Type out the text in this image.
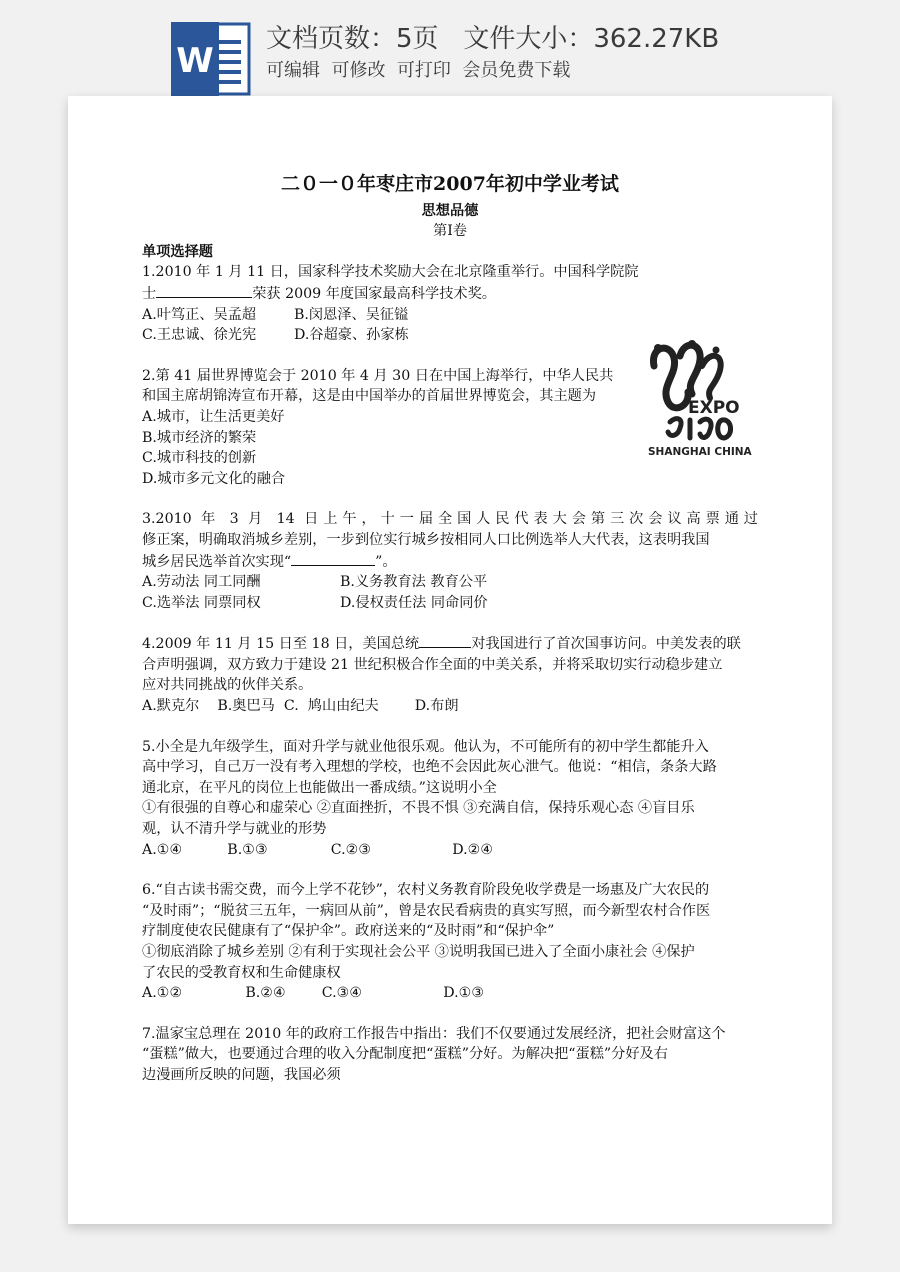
W
文档页数：5页   文件大小：362.27KB
可编辑  可修改  可打印  会员免费下载
二０一０年枣庄市2007年初中学业考试
思想品德
第Ⅰ卷
单项选择题
1.2010 年 1 月 11 日，国家科学技术奖励大会在北京隆重举行。中国科学院院
士	荣获 2009 年度国家最高科学技术奖。
A.叶笃正、吴孟超	B.闵恩泽、吴征镒
C.王忠诚、徐光宪	D.谷超豪、孙家栋
2.第 41 届世界博览会于 2010 年 4 月 30 日在中国上海举行，中华人民共
和国主席胡锦涛宣布开幕，这是由中国举办的首届世界博览会，其主题为
A.城市，让生活更美好
B.城市经济的繁荣
C.城市科技的创新
D.城市多元文化的融合
3.2010 年 3 月 14 日上午，十一届全国人民代表大会第三次会议高票通过
修正案，明确取消城乡差别，一步到位实行城乡按相同人口比例选举人大代表，这表明我国
城乡居民选举首次实现“	”。
A.劳动法 同工同酬	B.义务教育法 教育公平
C.选举法 同票同权	D.侵权责任法 同命同价
4.2009 年 11 月 15 日至 18 日，美国总统	对我国进行了首次国事访问。中美发表的联
合声明强调，双方致力于建设 21 世纪积极合作全面的中美关系，并将采取切实行动稳步建立
应对共同挑战的伙伴关系。
A.默克尔    B.奥巴马  C.  鸠山由纪夫        D.布朗
5.小全是九年级学生，面对升学与就业他很乐观。他认为，不可能所有的初中学生都能升入
高中学习，自己万一没有考入理想的学校，也绝不会因此灰心泄气。他说：“相信，条条大路
通北京，在平凡的岗位上也能做出一番成绩。”这说明小全
①有很强的自尊心和虚荣心 ②直面挫折，不畏不惧 ③充满自信，保持乐观心态 ④盲目乐
观，认不清升学与就业的形势
A.①④          B.①③              C.②③                  D.②④
6.“自古读书需交费，而今上学不花钞”，农村义务教育阶段免收学费是一场惠及广大农民的
“及时雨”；“脱贫三五年，一病回从前”，曾是农民看病贵的真实写照，而今新型农村合作医
疗制度使农民健康有了“保护伞”。政府送来的“及时雨”和“保护伞”
①彻底消除了城乡差别 ②有利于实现社会公平 ③说明我国已进入了全面小康社会 ④保护
了农民的受教育权和生命健康权
A.①②              B.②④        C.③④                  D.①③
7.温家宝总理在 2010 年的政府工作报告中指出：我们不仅要通过发展经济，把社会财富这个
“蛋糕”做大，也要通过合理的收入分配制度把“蛋糕”分好。为解决把“蛋糕”分好及右
边漫画所反映的问题，我国必须
EXPO
SHANGHAI CHINA
